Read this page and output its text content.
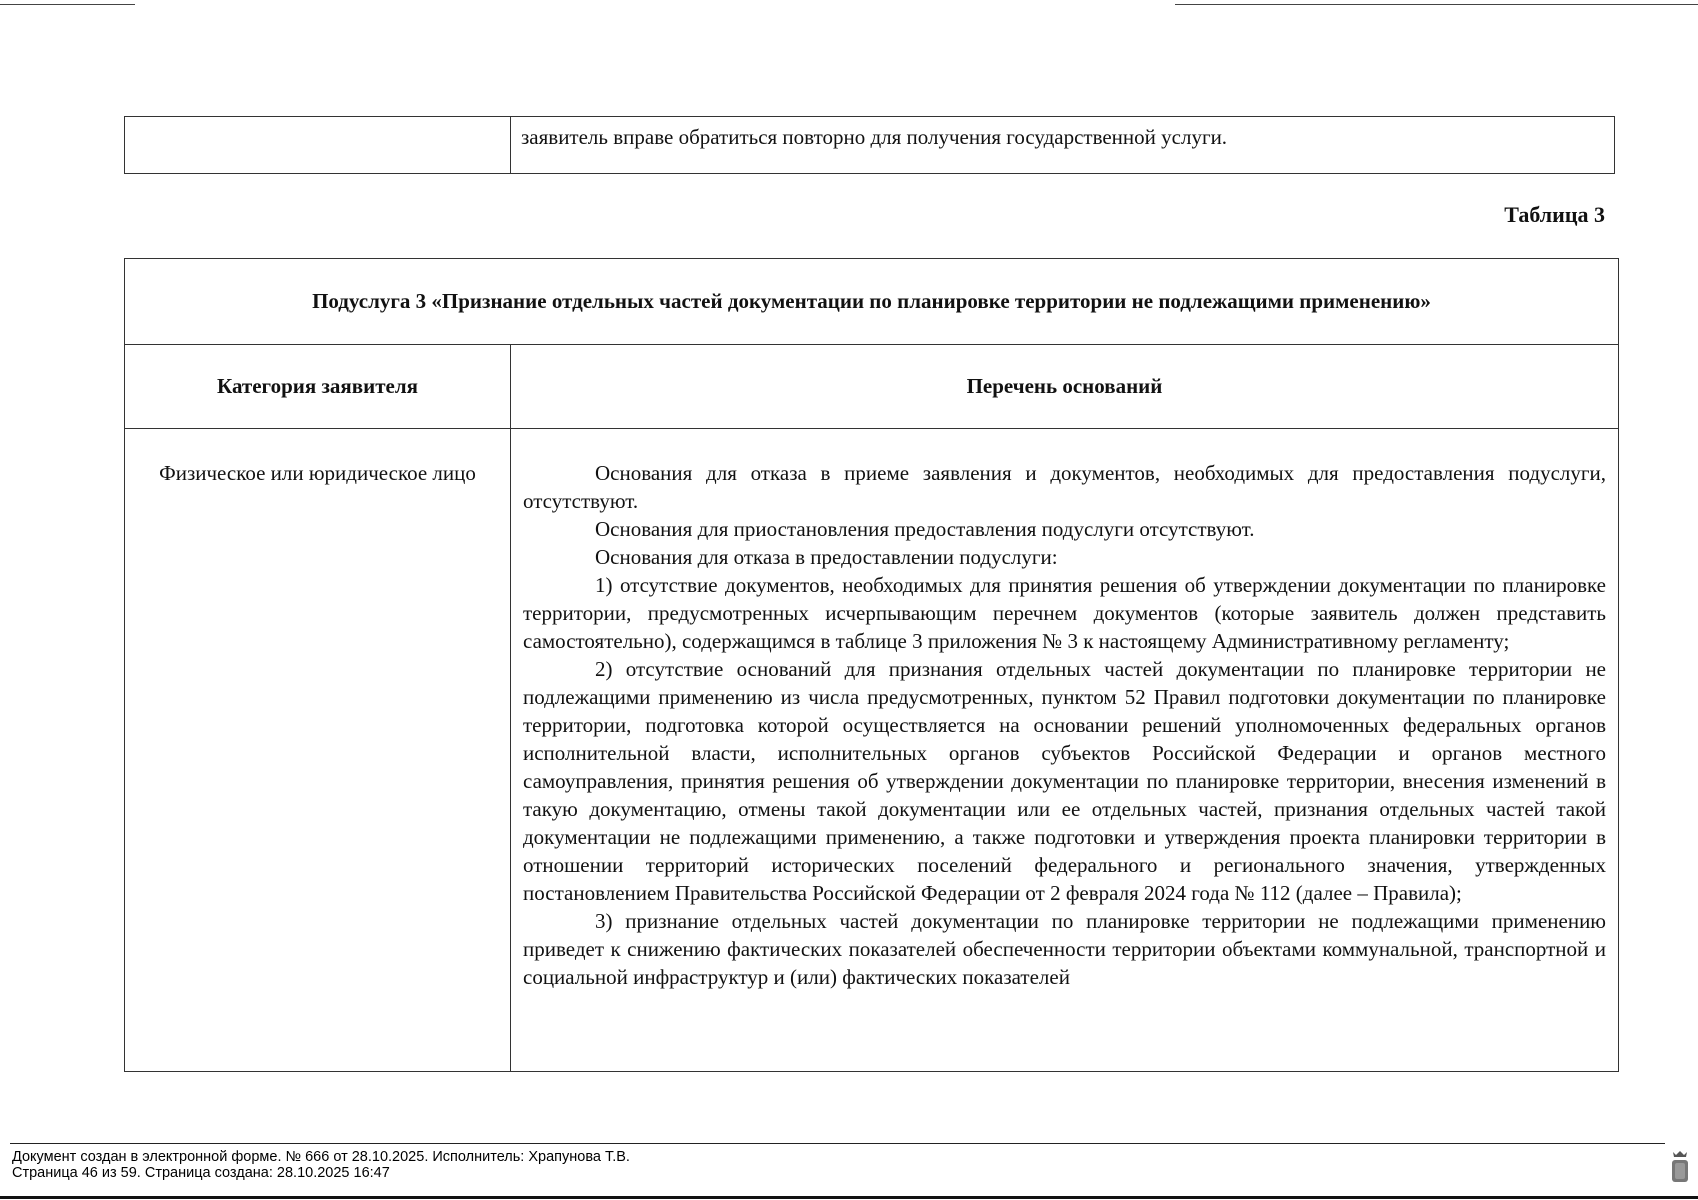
заявитель вправе обратиться повторно для получения государственной услуги.
Таблица 3
Подуслуга 3 «Признание отдельных частей документации по планировке территории не подлежащими применению»
Категория заявителя	Перечень оснований
Физическое или юридическое лицо	Основания для отказа в приеме заявления и документов, необходимых для предоставления подуслуги, отсутствуют.

Основания для приостановления предоставления подуслуги отсутствуют.

Основания для отказа в предоставлении подуслуги:

1) отсутствие документов, необходимых для принятия решения об утверждении документации по планировке территории, предусмотренных исчерпывающим перечнем документов (которые заявитель должен представить самостоятельно), содержащимся в таблице 3 приложения № 3 к настоящему Административному регламенту;

2) отсутствие оснований для признания отдельных частей документации по планировке территории не подлежащими применению из числа предусмотренных, пунктом 52 Правил подготовки документации по планировке территории, подготовка которой осуществляется на основании решений уполномоченных федеральных органов исполнительной власти, исполнительных органов субъектов Российской Федерации и органов местного самоуправления, принятия решения об утверждении документации по планировке территории, внесения изменений в такую документацию, отмены такой документации или ее отдельных частей, признания отдельных частей такой документации не подлежащими применению, а также подготовки и утверждения проекта планировки территории в отношении территорий исторических поселений федерального и регионального значения, утвержденных постановлением Правительства Российской Федерации от 2 февраля 2024 года № 112 (далее – Правила);

3) признание отдельных частей документации по планировке территории не подлежащими применению приведет к снижению фактических показателей обеспеченности территории объектами коммунальной, транспортной и социальной инфраструктур и (или) фактических показателей

Документ создан в электронной форме. № 666 от 28.10.2025. Исполнитель: Храпунова Т.В.
Страница 46 из 59. Страница создана: 28.10.2025 16:47
